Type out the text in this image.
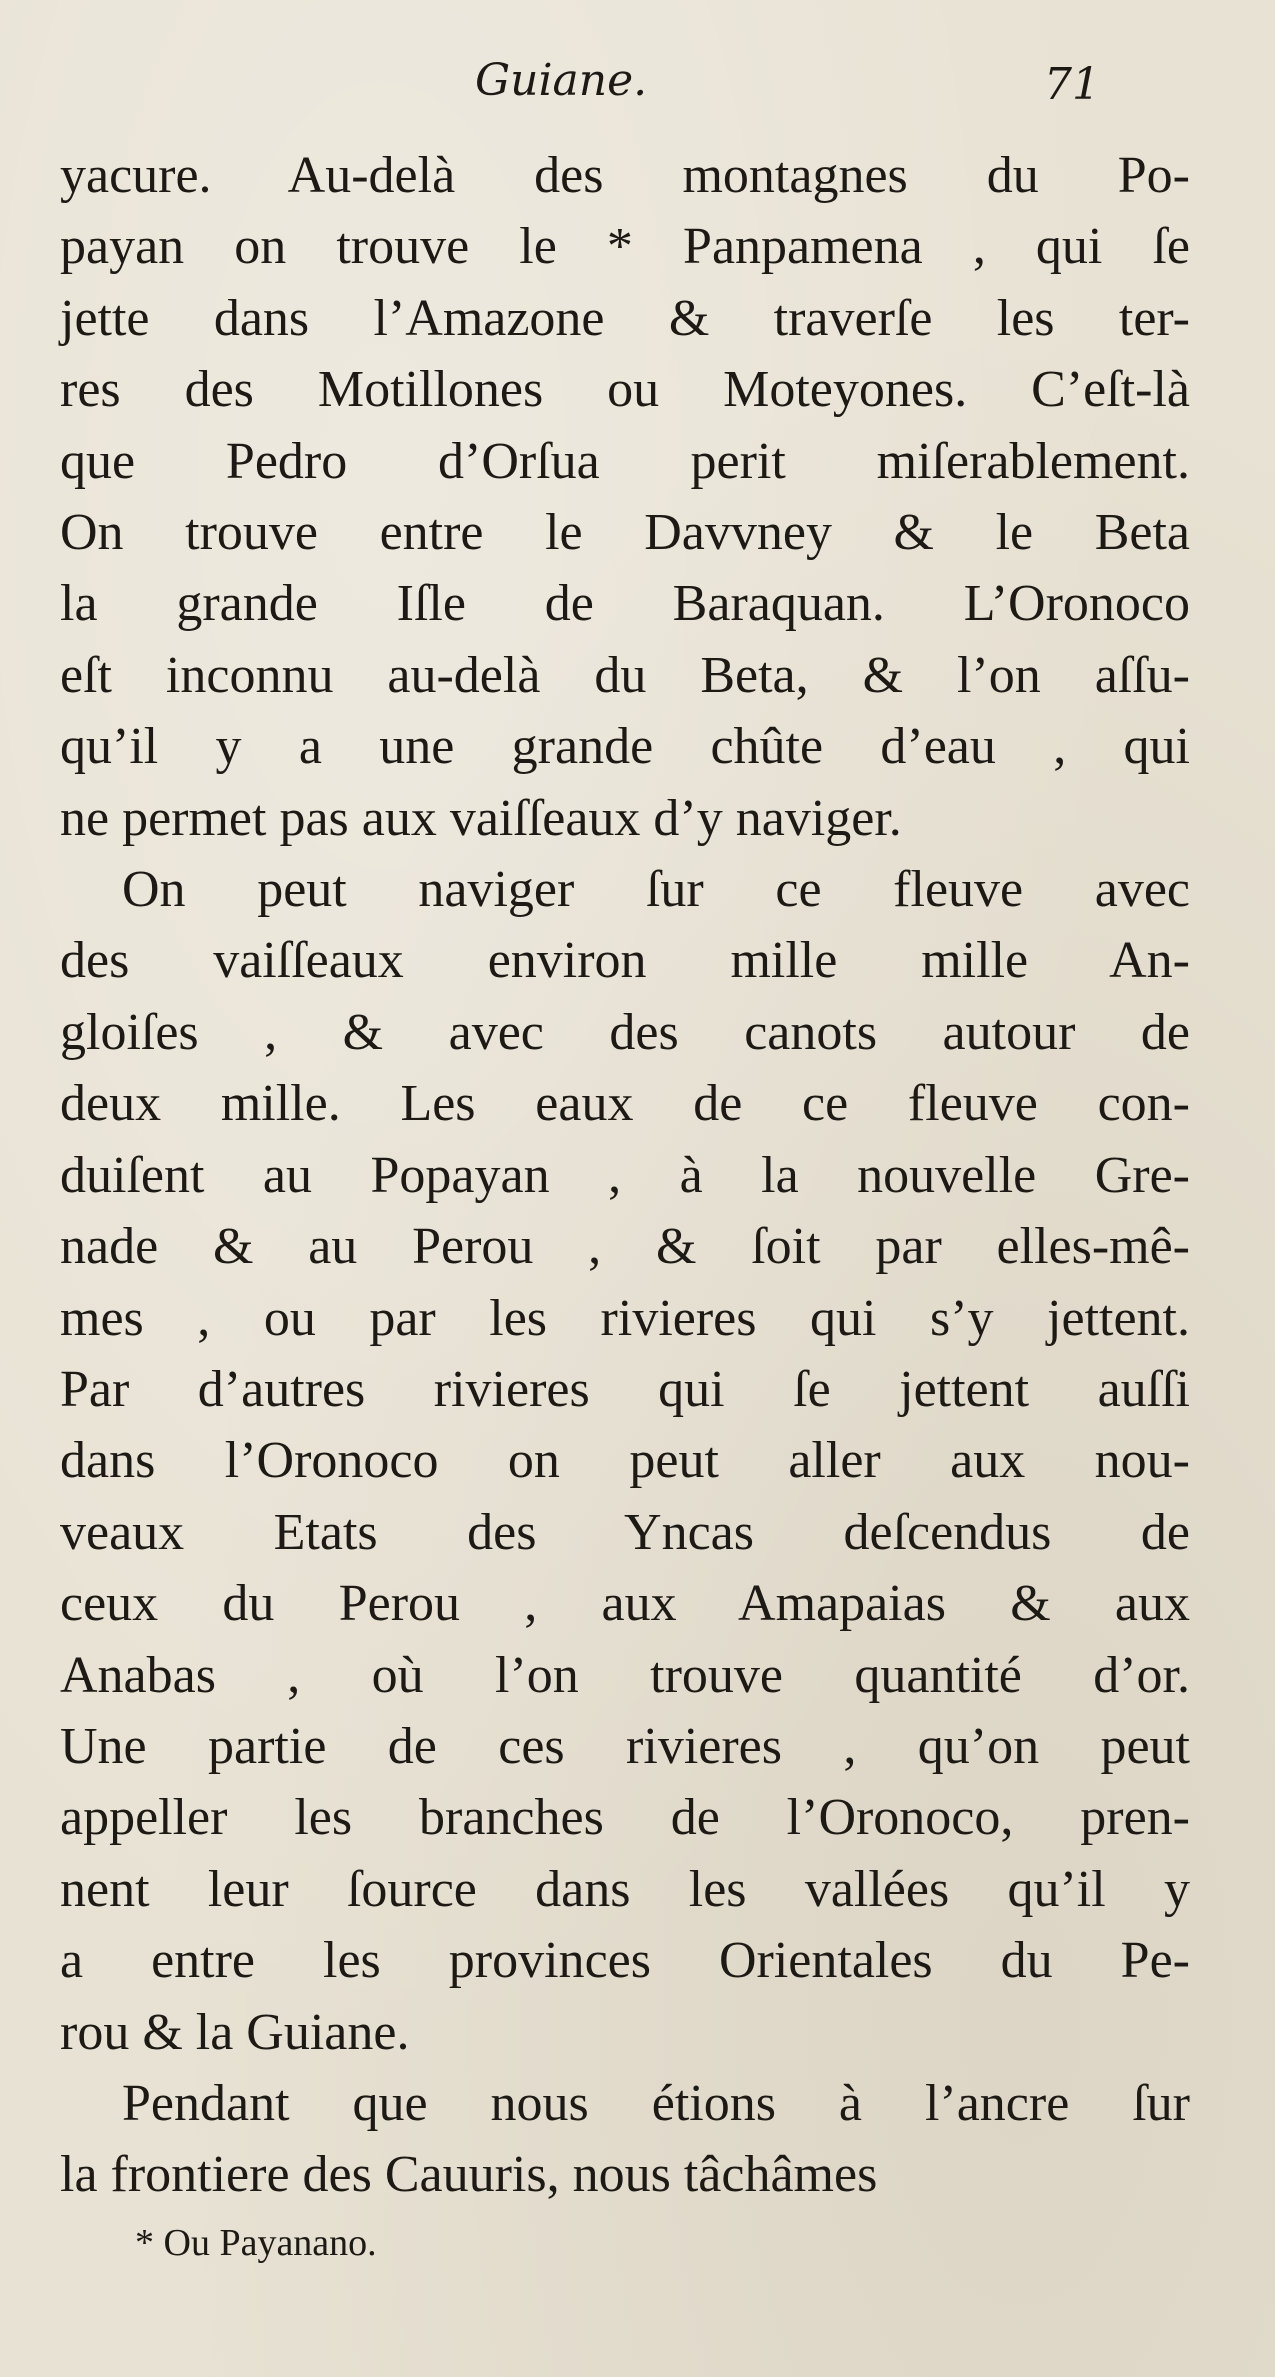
Guiane.	71
yacure. Au-delà des montagnes du Po-
payan on trouve le * Panpamena , qui ſe
jette dans l’Amazone & traverſe les ter-
res des Motillones ou Moteyones. C’eſt-là
que Pedro d’Orſua perit miſerablement.
On trouve entre le Davvney & le Beta
la grande Iſle de Baraquan. L’Oronoco
eſt inconnu au-delà du Beta, & l’on aſſu-
qu’il y a une grande chûte d’eau , qui
ne permet pas aux vaiſſeaux d’y naviger.
On peut naviger ſur ce fleuve avec
des vaiſſeaux environ mille mille An-
gloiſes , & avec des canots autour de
deux mille. Les eaux de ce fleuve con-
duiſent au Popayan , à la nouvelle Gre-
nade & au Perou , & ſoit par elles-mê-
mes , ou par les rivieres qui s’y jettent.
Par d’autres rivieres qui ſe jettent auſſi
dans l’Oronoco on peut aller aux nou-
veaux Etats des Yncas deſcendus de
ceux du Perou , aux Amapaias & aux
Anabas , où l’on trouve quantité d’or.
Une partie de ces rivieres , qu’on peut
appeller les branches de l’Oronoco, pren-
nent leur ſource dans les vallées qu’il y
a entre les provinces Orientales du Pe-
rou & la Guiane.
Pendant que nous étions à l’ancre ſur
la frontiere des Cauuris, nous tâchâmes
* Ou Payanano.
